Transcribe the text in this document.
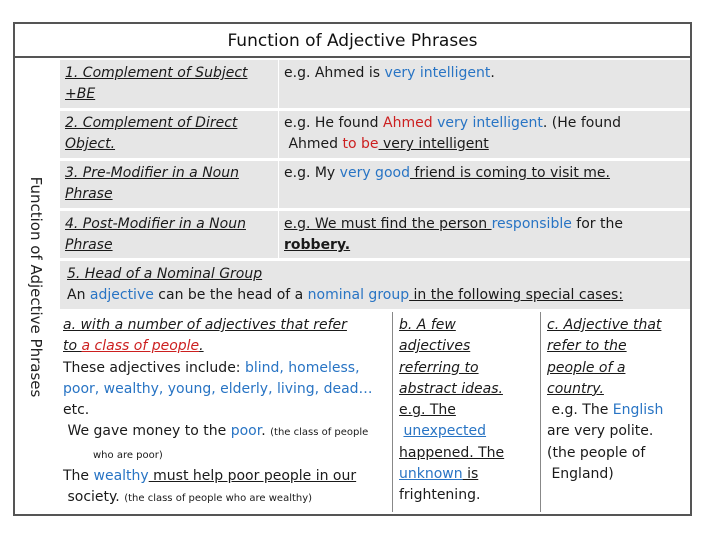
Function of Adjective Phrases
Function of Adjective Phrases
1. Complement of Subject
+BE
e.g. Ahmed is very intelligent.
2. Complement of Direct
Object.
e.g. He found Ahmed very intelligent. (He found
Ahmed to be very intelligent
3. Pre-Modifier in a Noun
Phrase
e.g. My very good friend is coming to visit me.
4. Post-Modifier in a Noun
Phrase
e.g. We must find the person responsible for the
robbery.
5. Head of a Nominal Group
An adjective can be the head of a nominal group in the following special cases:
a. with a number of adjectives that refer
to a class of people.
These adjectives include: blind, homeless,
poor, wealthy, young, elderly, living, dead…
etc.
We gave money to the poor. (the class of people
who are poor)
The wealthy must help poor people in our
society. (the class of people who are wealthy)
b. A few
adjectives
referring to
abstract ideas.
e.g. The
unexpected
happened. The
unknown is
frightening.
c. Adjective that
refer to the
people of a
country.
e.g. The English
are very polite.
(the people of
England)
